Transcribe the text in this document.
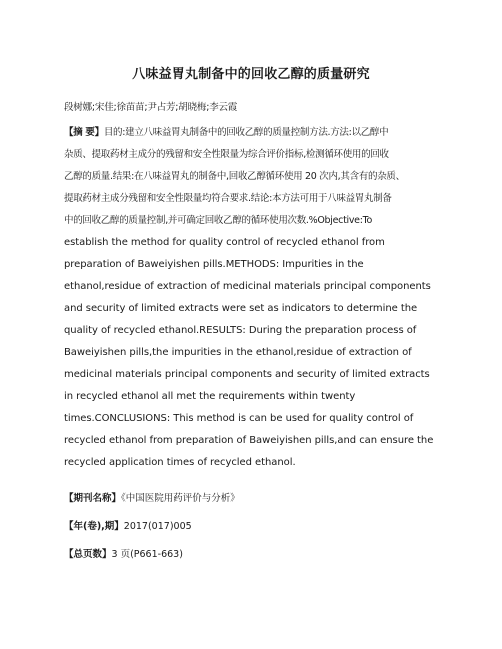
八味益胃丸制备中的回收乙醇的质量研究
段树娜;宋佳;徐苗苗;尹占芳;胡晓梅;李云霞
【摘 要】目的:建立八味益胃丸制备中的回收乙醇的质量控制方法.方法:以乙醇中
杂质、提取药材主成分的残留和安全性限量为综合评价指标,检测循环使用的回收
乙醇的质量.结果:在八味益胃丸的制备中,回收乙醇循环使用 20 次内,其含有的杂质、
提取药材主成分残留和安全性限量均符合要求.结论:本方法可用于八味益胃丸制备
中的回收乙醇的质量控制,并可确定回收乙醇的循环使用次数.%Objective:To
establish the method for quality control of recycled ethanol from
preparation of Baweiyishen pills.METHODS: Impurities in the
ethanol,residue of extraction of medicinal materials principal components
and security of limited extracts were set as indicators to determine the
quality of recycled ethanol.RESULTS: During the preparation process of
Baweiyishen pills,the impurities in the ethanol,residue of extraction of
medicinal materials principal components and security of limited extracts
in recycled ethanol all met the requirements within twenty
times.CONCLUSIONS: This method is can be used for quality control of
recycled ethanol from preparation of Baweiyishen pills,and can ensure the
recycled application times of recycled ethanol.
【期刊名称】《中国医院用药评价与分析》
【年(卷),期】2017(017)005
【总页数】3 页(P661-663)
